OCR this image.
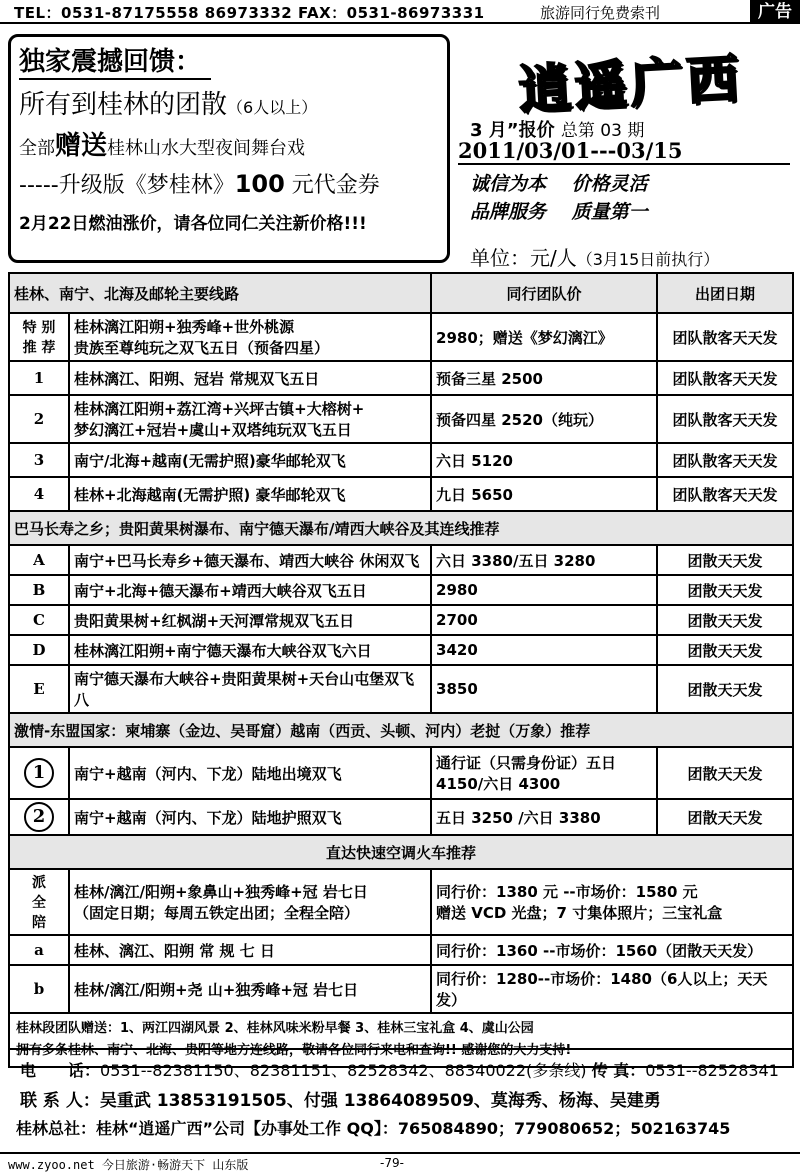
TEL：0531-87175558 86973332 FAX：0531-86973331	旅游同行免费索刊	广告
独家震撼回馈：
所有到桂林的团散（6人以上）
全部赠送桂林山水大型夜间舞台戏
-----升级版《梦桂林》100 元代金券
2月22日燃油涨价，请各位同仁关注新价格!!!
逍遥广西
3 月”报价 总第 03 期
2011/03/01---03/15
诚信为本　 价格灵活
品牌服务　 质量第一
单位：元/人（3月15日前执行）
桂林、南宁、北海及邮轮主要线路		同行团队价	出团日期
特 别
推 荐	桂林漓江阳朔+独秀峰+世外桃源
贵族至尊纯玩之双飞五日（预备四星）	2980；赠送《梦幻漓江》	团队散客天天发
1	桂林漓江、阳朔、冠岩 常规双飞五日	预备三星 2500	团队散客天天发
2	桂林漓江阳朔+荔江湾+兴坪古镇+大榕树+
梦幻漓江+冠岩+虞山+双塔纯玩双飞五日	预备四星 2520（纯玩）	团队散客天天发
3	南宁/北海+越南(无需护照)豪华邮轮双飞	六日 5120	团队散客天天发
4	桂林+北海越南(无需护照) 豪华邮轮双飞	九日 5650	团队散客天天发
巴马长寿之乡；贵阳黄果树瀑布、南宁德天瀑布/靖西大峡谷及其连线推荐			
A	南宁+巴马长寿乡+德天瀑布、靖西大峡谷 休闲双飞	六日 3380/五日 3280	团散天天发
B	南宁+北海+德天瀑布+靖西大峡谷双飞五日	2980	团散天天发
C	贵阳黄果树+红枫湖+天河潭常规双飞五日	2700	团散天天发
D	桂林漓江阳朔+南宁德天瀑布大峡谷双飞六日	3420	团散天天发
E	南宁德天瀑布大峡谷+贵阳黄果树+天台山屯堡双飞八	3850	团散天天发
激情-东盟国家：柬埔寨（金边、吴哥窟）越南（西贡、头顿、河内）老挝（万象）推荐			
1	南宁+越南（河内、下龙）陆地出境双飞	通行证（只需身份证）五日 4150/六日 4300	团散天天发
2	南宁+越南（河内、下龙）陆地护照双飞	五日 3250 /六日 3380	团散天天发
直达快速空调火车推荐			
派
全
陪	桂林/漓江/阳朔+象鼻山+独秀峰+冠 岩七日
（固定日期；每周五铁定出团；全程全陪）	同行价：1380 元 --市场价：1580 元
赠送 VCD 光盘；7 寸集体照片；三宝礼盒	
a	桂林、漓江、阳朔 常 规 七 日	同行价：1360 --市场价：1560（团散天天发）	
b	桂林/漓江/阳朔+尧 山+独秀峰+冠 岩七日	同行价：1280--市场价：1480（6人以上；天天发）	

桂林段团队赠送：1、两江四湖风景 2、桂林风味米粉早餐 3、桂林三宝礼盒 4、虞山公园
拥有多条桂林、南宁、北海、贵阳等地方连线路，敬请各位同行来电和查询!! 感谢您的大力支持!			
电　　话：0531--82381150、82381151、82528342、88340022(多条线) 传 真：0531--82528341
联 系 人：吴重武 13853191505、付强 13864089509、莫海秀、杨海、吴建勇
桂林总社：桂林“逍遥广西”公司【办事处工作 QQ】：765084890；779080652；502163745
www.zyoo.net 今日旅游·畅游天下 山东版	-79-
